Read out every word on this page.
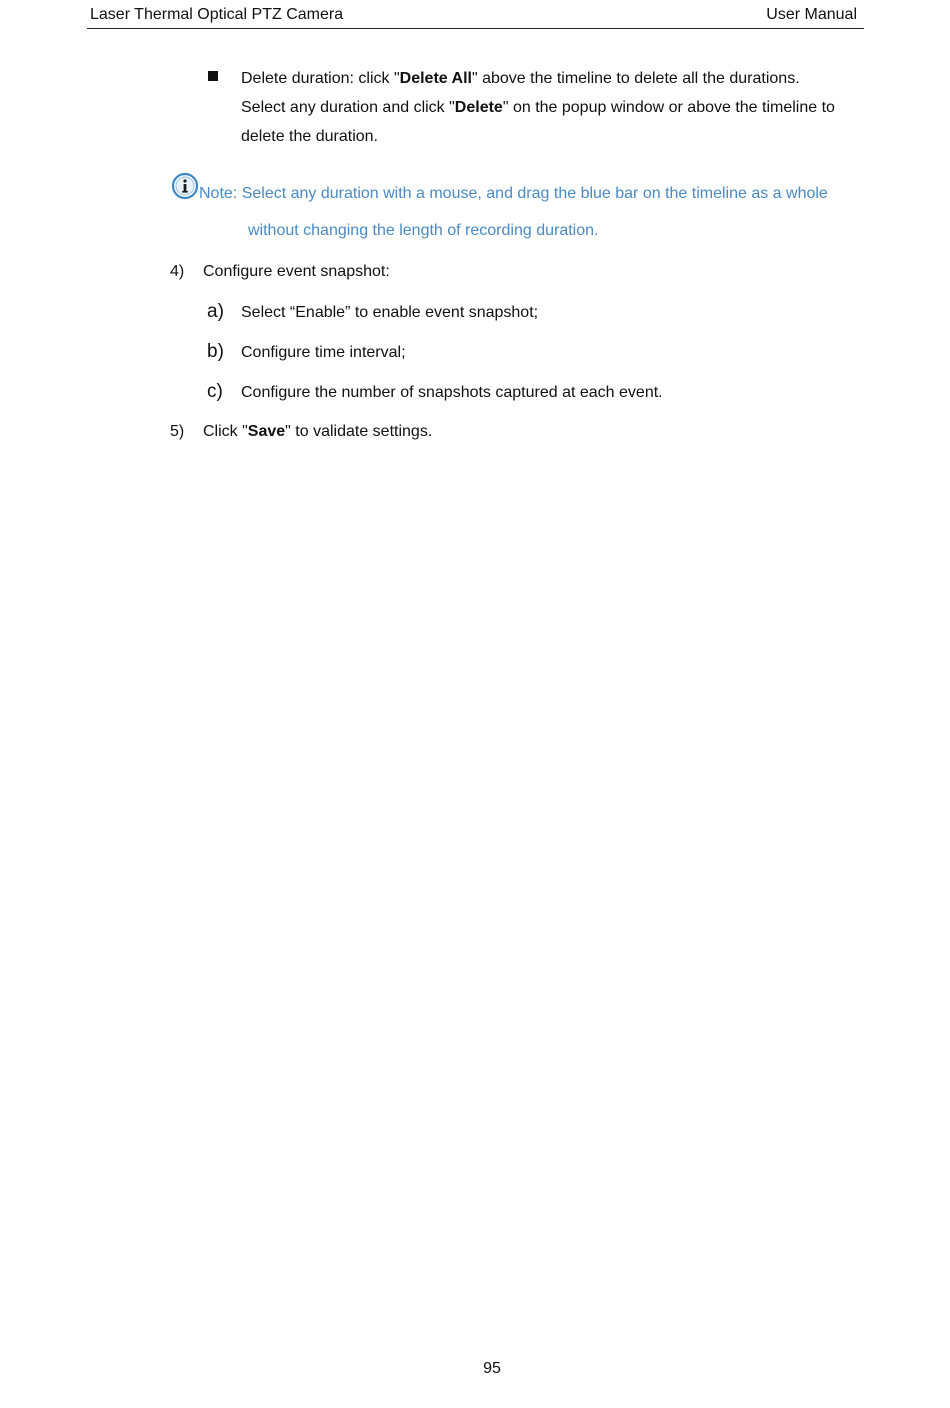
Laser Thermal Optical PTZ Camera	User Manual

Delete duration: click "Delete All" above the timeline to delete all the durations.

Select any duration and click "Delete" on the popup window or above the timeline to

delete the duration.

Note: Select any duration with a mouse, and drag the blue bar on the timeline as a whole
without changing the length of recording duration.
4) Configure event snapshot:
a) Select “Enable” to enable event snapshot;
b) Configure time interval;
c) Configure the number of snapshots captured at each event.
5) Click "Save" to validate settings.
95
